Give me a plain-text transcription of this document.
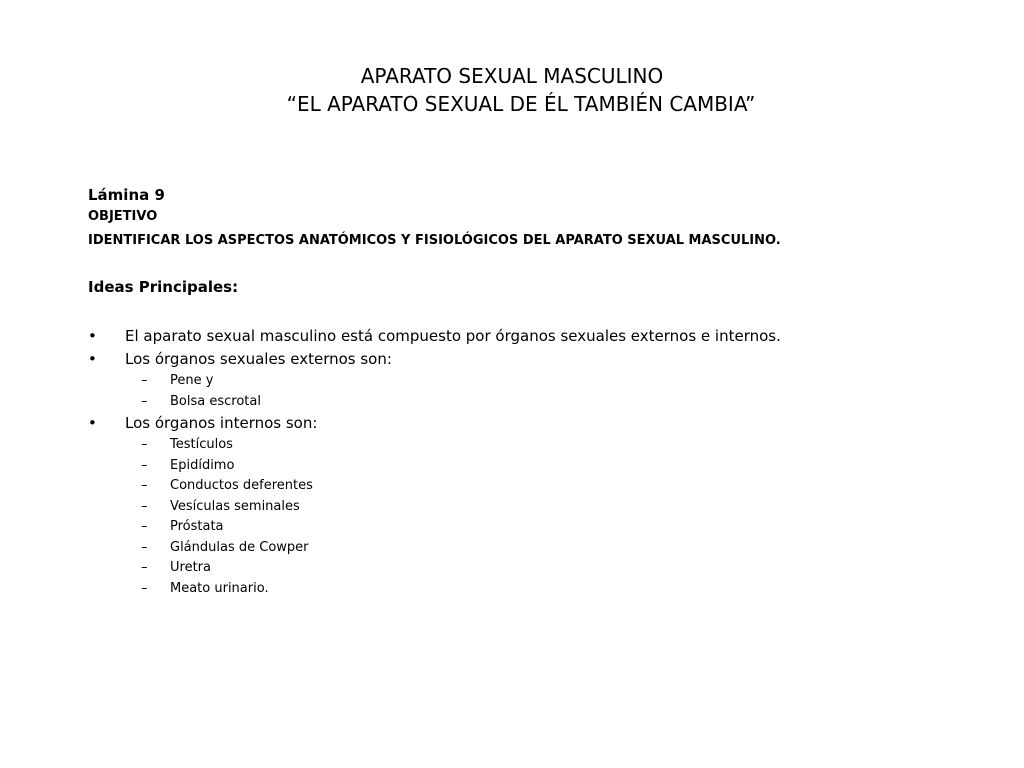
APARATO SEXUAL MASCULINO
“EL APARATO SEXUAL DE ÉL TAMBIÉN CAMBIA”
Lámina 9
OBJETIVO
IDENTIFICAR LOS ASPECTOS ANATÓMICOS Y FISIOLÓGICOS DEL APARATO SEXUAL MASCULINO.
Ideas Principales:
•	El aparato sexual masculino está compuesto por órganos sexuales externos e internos.
•	Los órganos sexuales externos son:
– Pene y
– Bolsa escrotal
•	Los órganos internos son:
– Testículos
– Epidídimo
– Conductos deferentes
– Vesículas seminales
– Próstata
– Glándulas de Cowper
– Uretra
– Meato urinario.
